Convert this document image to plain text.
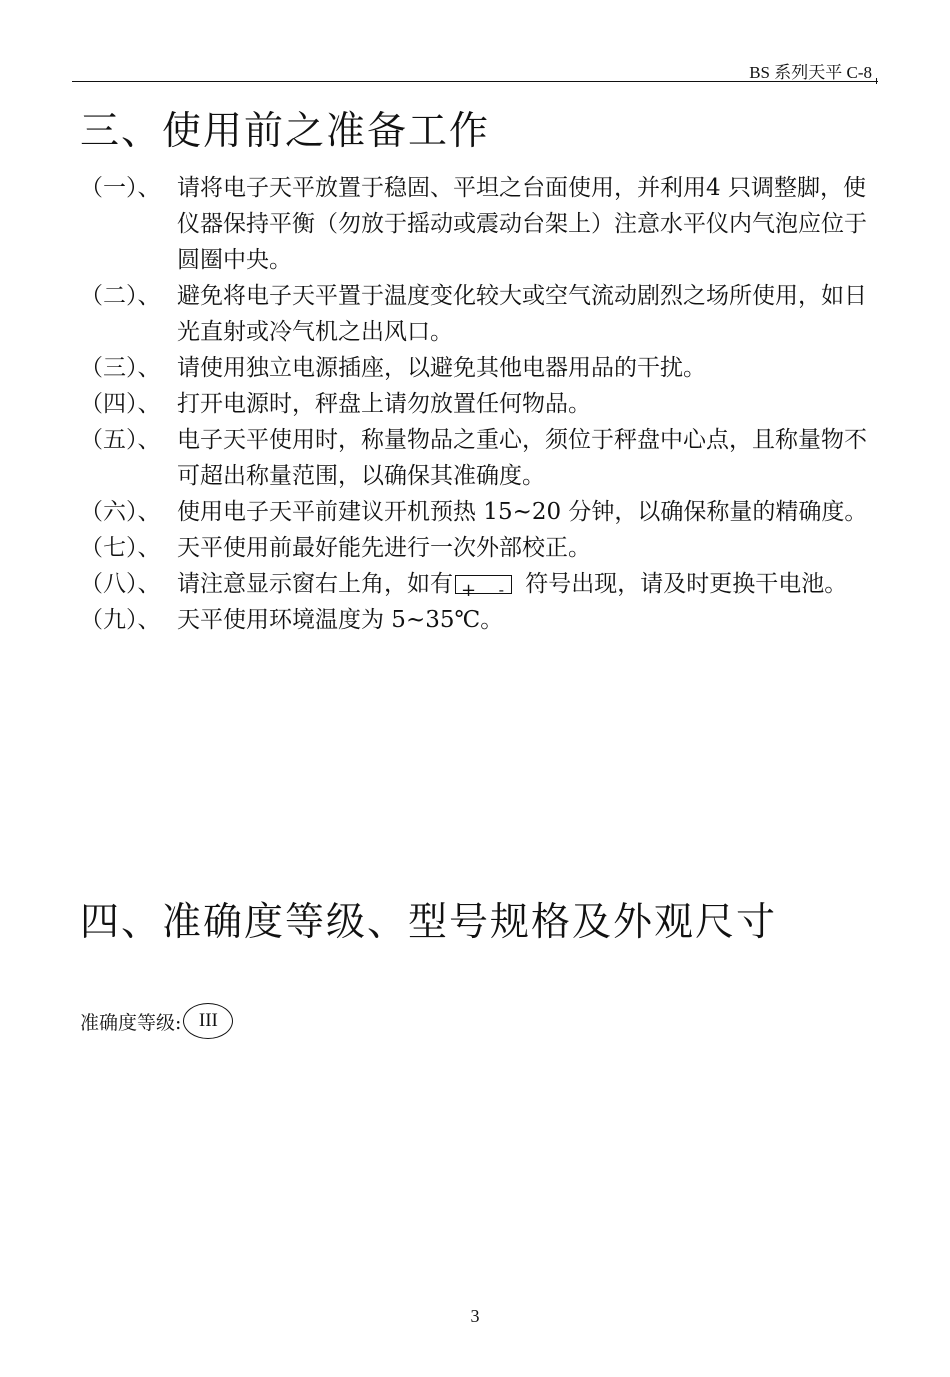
BS 系列天平 C-8
三、使用前之准备工作
（一）、 请将电子天平放置于稳固、平坦之台面使用，并利用4 只调整脚，使仪器保持平衡（勿放于摇动或震动台架上）注意水平仪内气泡应位于圆圈中央。
（二）、 避免将电子天平置于温度变化较大或空气流动剧烈之场所使用，如日光直射或冷气机之出风口。
（三）、 请使用独立电源插座，以避免其他电器用品的干扰。
（四）、 打开电源时，秤盘上请勿放置任何物品。
（五）、 电子天平使用时，称量物品之重心，须位于秤盘中心点，且称量物不可超出称量范围，以确保其准确度。
（六）、 使用电子天平前建议开机预热 15~20 分钟，以确保称量的精确度。
（七）、 天平使用前最好能先进行一次外部校正。
（八）、 请注意显示窗右上角，如有 + - 符号出现，请及时更换干电池。
（九）、 天平使用环境温度为 5~35℃。
四、准确度等级、型号规格及外观尺寸
准确度等级: III
3
